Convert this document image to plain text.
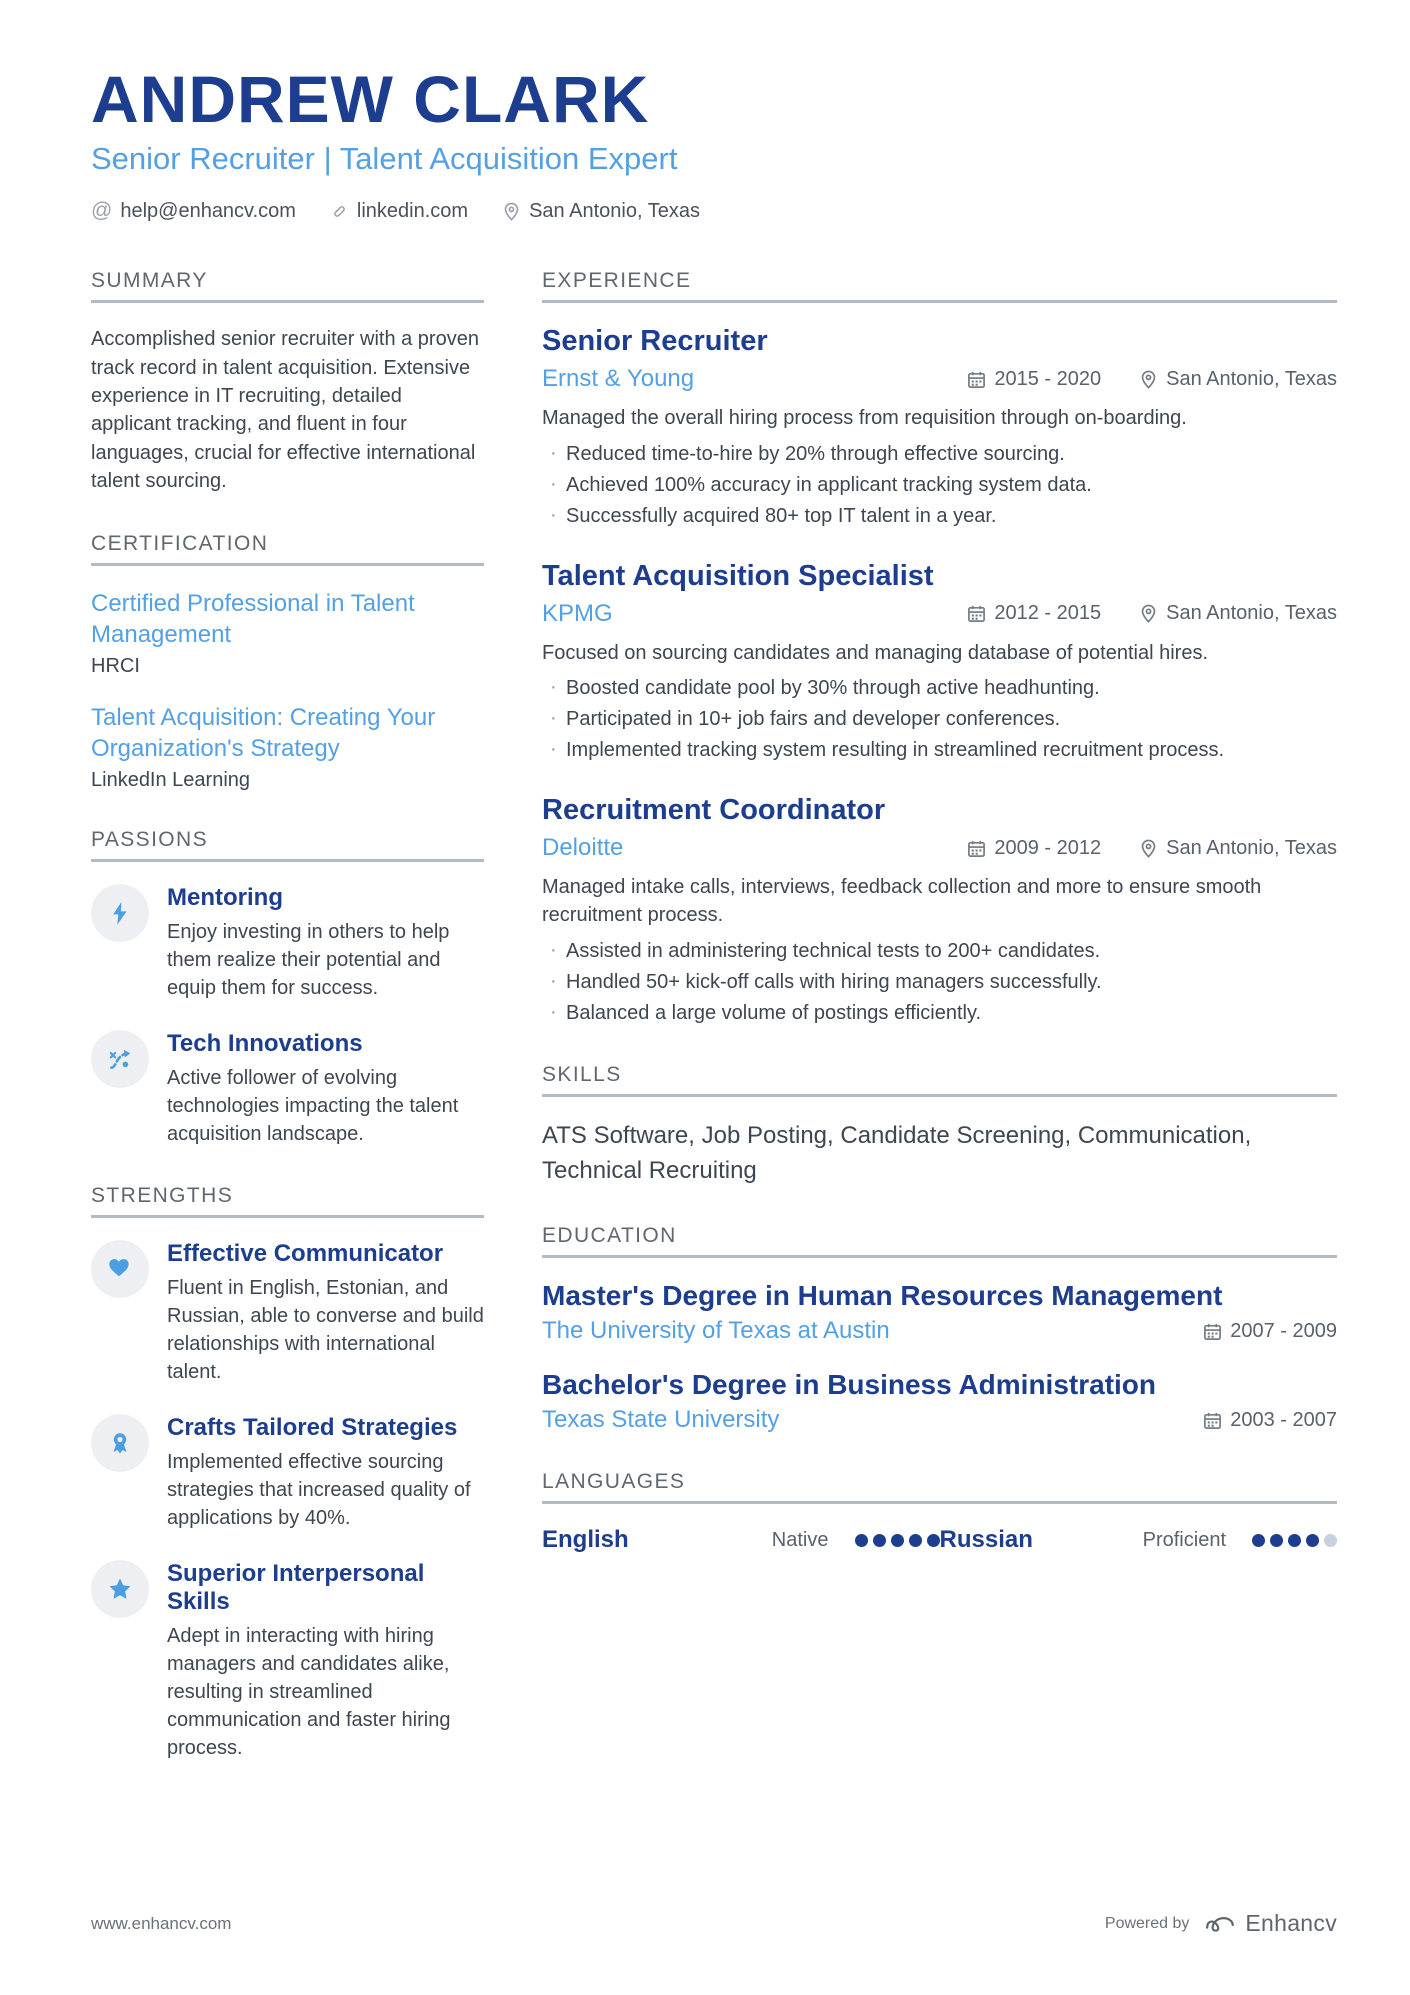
ANDREW CLARK
Senior Recruiter | Talent Acquisition Expert
@ help@enhancv.com	linkedin.com	San Antonio, Texas
SUMMARY

Accomplished senior recruiter with a proven track record in talent acquisition. Extensive experience in IT recruiting, detailed applicant tracking, and fluent in four languages, crucial for effective international talent sourcing.

CERTIFICATION
Certified Professional in Talent Management
HRCI
Talent Acquisition: Creating Your Organization's Strategy
LinkedIn Learning
PASSIONS
Mentoring
Enjoy investing in others to help them realize their potential and equip them for success.
Tech Innovations
Active follower of evolving technologies impacting the talent acquisition landscape.
STRENGTHS
Effective Communicator
Fluent in English, Estonian, and Russian, able to converse and build relationships with international talent.
Crafts Tailored Strategies
Implemented effective sourcing strategies that increased quality of applications by 40%.
Superior Interpersonal Skills
Adept in interacting with hiring managers and candidates alike, resulting in streamlined communication and faster hiring process.
EXPERIENCE
Senior Recruiter
Ernst & Young	2015 - 2020	San Antonio, Texas

Managed the overall hiring process from requisition through on-boarding.

· Reduced time-to-hire by 20% through effective sourcing.
· Achieved 100% accuracy in applicant tracking system data.
· Successfully acquired 80+ top IT talent in a year.
Talent Acquisition Specialist
KPMG	2012 - 2015	San Antonio, Texas

Focused on sourcing candidates and managing database of potential hires.

· Boosted candidate pool by 30% through active headhunting.
· Participated in 10+ job fairs and developer conferences.
· Implemented tracking system resulting in streamlined recruitment process.
Recruitment Coordinator
Deloitte	2009 - 2012	San Antonio, Texas

Managed intake calls, interviews, feedback collection and more to ensure smooth recruitment process.

· Assisted in administering technical tests to 200+ candidates.
· Handled 50+ kick-off calls with hiring managers successfully.
· Balanced a large volume of postings efficiently.
SKILLS

ATS Software, Job Posting, Candidate Screening, Communication, Technical Recruiting

EDUCATION
Master's Degree in Human Resources Management
The University of Texas at Austin	2007 - 2009
Bachelor's Degree in Business Administration
Texas State University	2003 - 2007
LANGUAGES
English	Native	Russian	Proficient
www.enhancv.com	Powered by Enhancv
